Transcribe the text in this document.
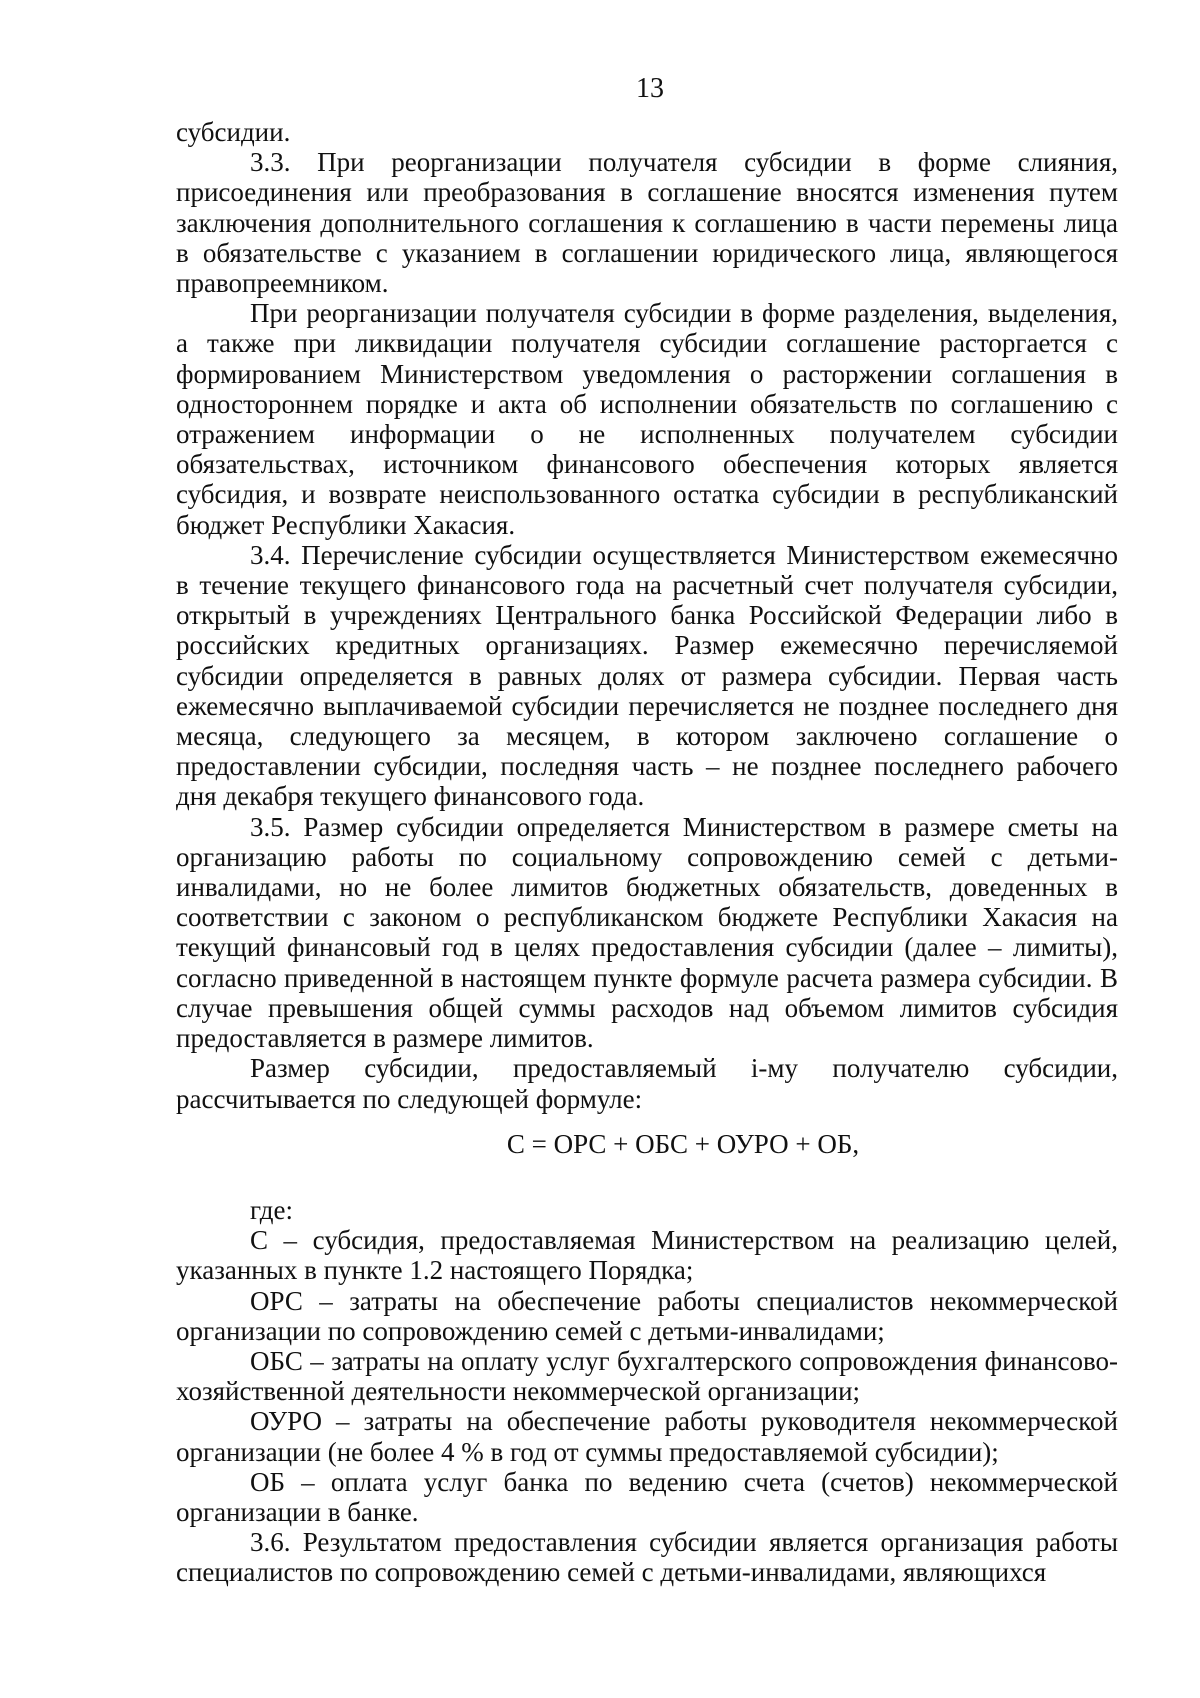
13

субсидии.

3.3. При реорганизации получателя субсидии в форме слияния, присоединения или преобразования в соглашение вносятся изменения путем заключения дополнительного соглашения к соглашению в части перемены лица в обязательстве с указанием в соглашении юридического лица, являющегося правопреемником.

При реорганизации получателя субсидии в форме разделения, выделения, а также при ликвидации получателя субсидии соглашение расторгается с формированием Министерством уведомления о расторжении соглашения в одностороннем порядке и акта об исполнении обязательств по соглашению с отражением информации о не исполненных получателем субсидии обязательствах, источником финансового обеспечения которых является субсидия, и возврате неиспользованного остатка субсидии в республиканский бюджет Республики Хакасия.

3.4. Перечисление субсидии осуществляется Министерством ежемесячно в течение текущего финансового года на расчетный счет получателя субсидии, открытый в учреждениях Центрального банка Российской Федерации либо в российских кредитных организациях. Размер ежемесячно перечисляемой субсидии определяется в равных долях от размера субсидии. Первая часть ежемесячно выплачиваемой субсидии перечисляется не позднее последнего дня месяца, следующего за месяцем, в котором заключено соглашение о предоставлении субсидии, последняя часть – не позднее последнего рабочего дня декабря текущего финансового года.

3.5. Размер субсидии определяется Министерством в размере сметы на организацию работы по социальному сопровождению семей с детьми-инвалидами, но не более лимитов бюджетных обязательств, доведенных в соответствии с законом о республиканском бюджете Республики Хакасия на текущий финансовый год в целях предоставления субсидии (далее – лимиты), согласно приведенной в настоящем пункте формуле расчета размера субсидии. В случае превышения общей суммы расходов над объемом лимитов субсидия предоставляется в размере лимитов.

Размер субсидии, предоставляемый i-му получателю субсидии, рассчитывается по следующей формуле:

С = ОРС + ОБС + ОУРО + ОБ,

где:

С – субсидия, предоставляемая Министерством на реализацию целей, указанных в пункте 1.2 настоящего Порядка;

ОРС – затраты на обеспечение работы специалистов некоммерческой организации по сопровождению семей с детьми-инвалидами;

ОБС – затраты на оплату услуг бухгалтерского сопровождения финансово-хозяйственной деятельности некоммерческой организации;

ОУРО – затраты на обеспечение работы руководителя некоммерческой организации (не более 4 % в год от суммы предоставляемой субсидии);

ОБ – оплата услуг банка по ведению счета (счетов) некоммерческой организации в банке.

3.6. Результатом предоставления субсидии является организация работы специалистов по сопровождению семей с детьми-инвалидами, являющихся
